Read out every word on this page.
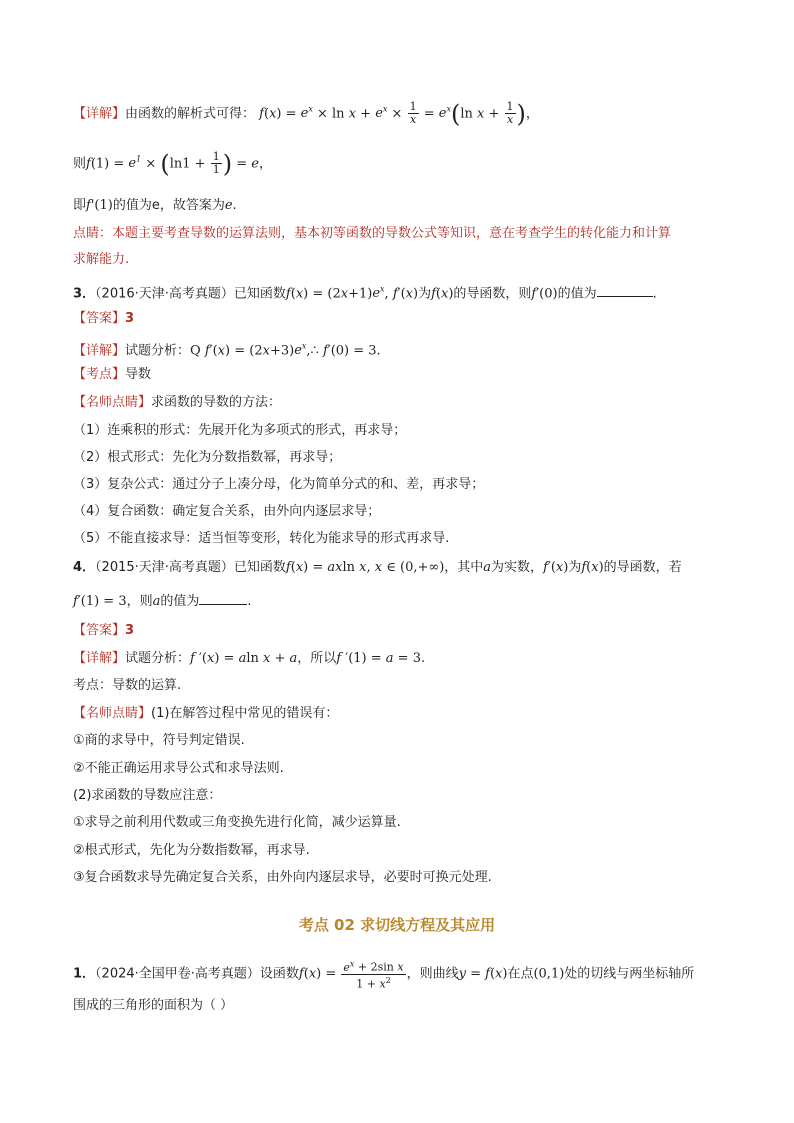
【详解】由函数的解析式可得： $f(x) = e^x \times \ln x + e^x \times \frac{1}{x} = e^x(\ln$ $x + \frac{1}{x}$ )，
则$f(1) = e^1 \times (\ln 1 + \frac{1}{1}$ ) = e，
即f'(1)的值为e，故答案为e.
点睛：本题主要考查导数的运算法则，基本初等函数的导数公式等知识，意在考查学生的转化能力和计算
求解能力.
3．（2016·天津·高考真题）已知函数$f(x) = (2x+1)e^x$, f′(x)为f(x)的导函数，则f′(0)的值为	.
【答案】3
【详解】试题分析：Q $f'(x) = (2x+3)e^x,\therefore$ f′(0) = 3.
【考点】导数
【名师点睛】求函数的导数的方法：
（1）连乘积的形式：先展开化为多项式的形式，再求导；
（2）根式形式：先化为分数指数幂，再求导；
（3）复杂公式：通过分子上凑分母，化为简单分式的和、差，再求导；
（4）复合函数：确定复合关系，由外向内逐层求导；
（5）不能直接求导：适当恒等变形，转化为能求导的形式再求导.
4．（2015·天津·高考真题）已知函数f(x) = axln x, x ∈ (0,+∞)，其中a为实数，f′(x)为f(x)的导函数，若
f′(1) = 3，则a的值为	.
【答案】3
【详解】试题分析：f ′(x) = aln x + a，所以f ′(1) = a = 3.
考点：导数的运算.
【名师点睛】(1)在解答过程中常见的错误有：
①商的求导中，符号判定错误.
②不能正确运用求导公式和求导法则.
(2)求函数的导数应注意：
①求导之前利用代数或三角变换先进行化简，减少运算量.
②根式形式，先化为分数指数幂，再求导.
③复合函数求导先确定复合关系，由外向内逐层求导，必要时可换元处理.
考点 02 求切线方程及其应用
1．（2024·全国甲卷·高考真题）设函数$f(x) = \frac{e^x + 2\sin x}{1 + x^2}$ ，则曲线y = f(x)在点(0,1)处的切线与两坐标轴所
围成的三角形的面积为（ ）
